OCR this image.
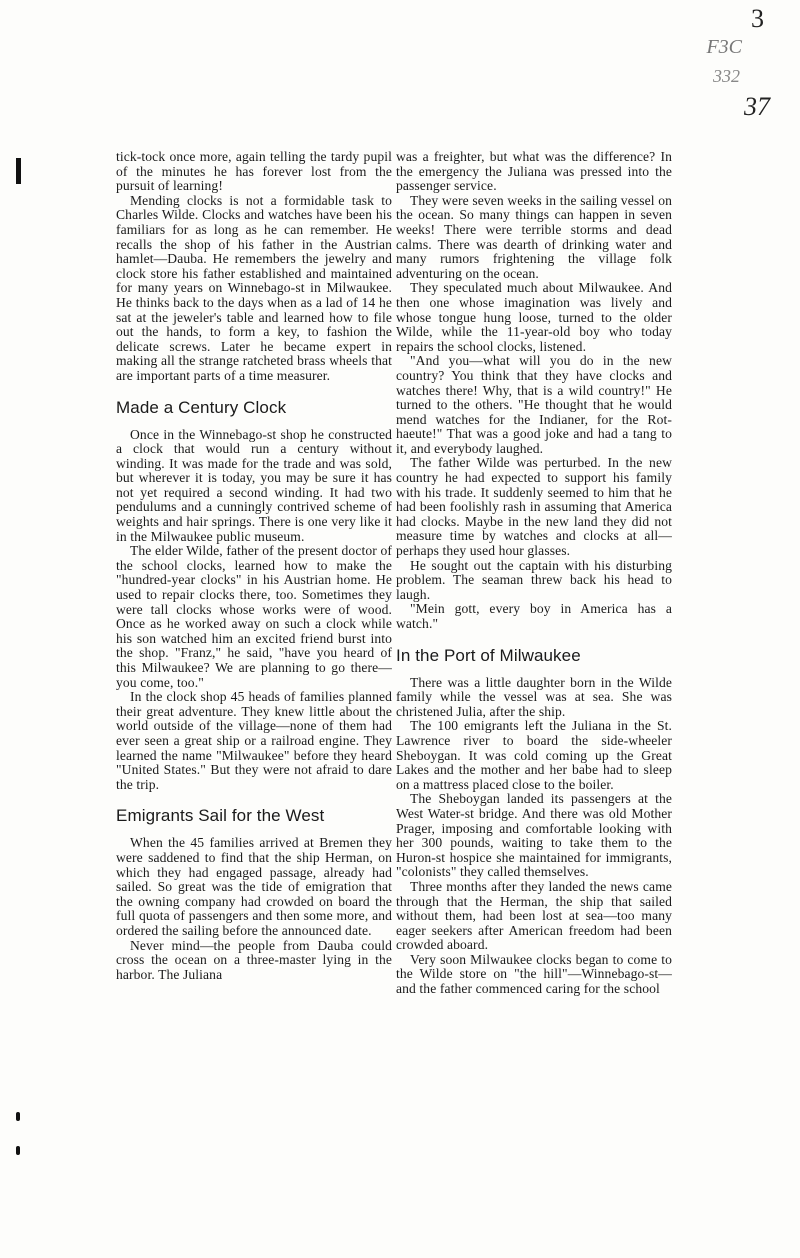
3
F3C
332
37

tick-tock once more, again telling the tardy pupil of the minutes he has forever lost from the pursuit of learning!

Mending clocks is not a formidable task to Charles Wilde. Clocks and watches have been his familiars for as long as he can remember. He recalls the shop of his father in the Austrian hamlet—Dauba. He remembers the jewelry and clock store his father established and maintained for many years on Winnebago-st in Milwaukee. He thinks back to the days when as a lad of 14 he sat at the jeweler's table and learned how to file out the hands, to form a key, to fashion the delicate screws. Later he became expert in making all the strange ratcheted brass wheels that are important parts of a time measurer.

Made a Century Clock

Once in the Winnebago-st shop he constructed a clock that would run a century without winding. It was made for the trade and was sold, but wherever it is today, you may be sure it has not yet required a second winding. It had two pendulums and a cunningly contrived scheme of weights and hair springs. There is one very like it in the Milwaukee public museum.

The elder Wilde, father of the present doctor of the school clocks, learned how to make the "hundred-year clocks" in his Austrian home. He used to repair clocks there, too. Sometimes they were tall clocks whose works were of wood. Once as he worked away on such a clock while his son watched him an excited friend burst into the shop. "Franz," he said, "have you heard of this Milwaukee? We are planning to go there—you come, too."

In the clock shop 45 heads of families planned their great adventure. They knew little about the world outside of the village—none of them had ever seen a great ship or a railroad engine. They learned the name "Milwaukee" before they heard "United States." But they were not afraid to dare the trip.

Emigrants Sail for the West

When the 45 families arrived at Bremen they were saddened to find that the ship Herman, on which they had engaged passage, already had sailed. So great was the tide of emigration that the owning company had crowded on board the full quota of passengers and then some more, and ordered the sailing before the announced date.

Never mind—the people from Dauba could cross the ocean on a three-master lying in the harbor. The Juliana

was a freighter, but what was the difference? In the emergency the Juliana was pressed into the passenger service.

They were seven weeks in the sailing vessel on the ocean. So many things can happen in seven weeks! There were terrible storms and dead calms. There was dearth of drinking water and many rumors frightening the village folk adventuring on the ocean.

They speculated much about Milwaukee. And then one whose imagination was lively and whose tongue hung loose, turned to the older Wilde, while the 11-year-old boy who today repairs the school clocks, listened.

"And you—what will you do in the new country? You think that they have clocks and watches there! Why, that is a wild country!" He turned to the others. "He thought that he would mend watches for the Indianer, for the Rot-haeute!" That was a good joke and had a tang to it, and everybody laughed.

The father Wilde was perturbed. In the new country he had expected to support his family with his trade. It suddenly seemed to him that he had been foolishly rash in assuming that America had clocks. Maybe in the new land they did not measure time by watches and clocks at all—perhaps they used hour glasses.

He sought out the captain with his disturbing problem. The seaman threw back his head to laugh.

"Mein gott, every boy in America has a watch."

In the Port of Milwaukee

There was a little daughter born in the Wilde family while the vessel was at sea. She was christened Julia, after the ship.

The 100 emigrants left the Juliana in the St. Lawrence river to board the side-wheeler Sheboygan. It was cold coming up the Great Lakes and the mother and her babe had to sleep on a mattress placed close to the boiler.

The Sheboygan landed its passengers at the West Water-st bridge. And there was old Mother Prager, imposing and comfortable looking with her 300 pounds, waiting to take them to the Huron-st hospice she maintained for immigrants, "colonists" they called themselves.

Three months after they landed the news came through that the Herman, the ship that sailed without them, had been lost at sea—too many eager seekers after American freedom had been crowded aboard.

Very soon Milwaukee clocks began to come to the Wilde store on "the hill"—Winnebago-st—and the father commenced caring for the school
